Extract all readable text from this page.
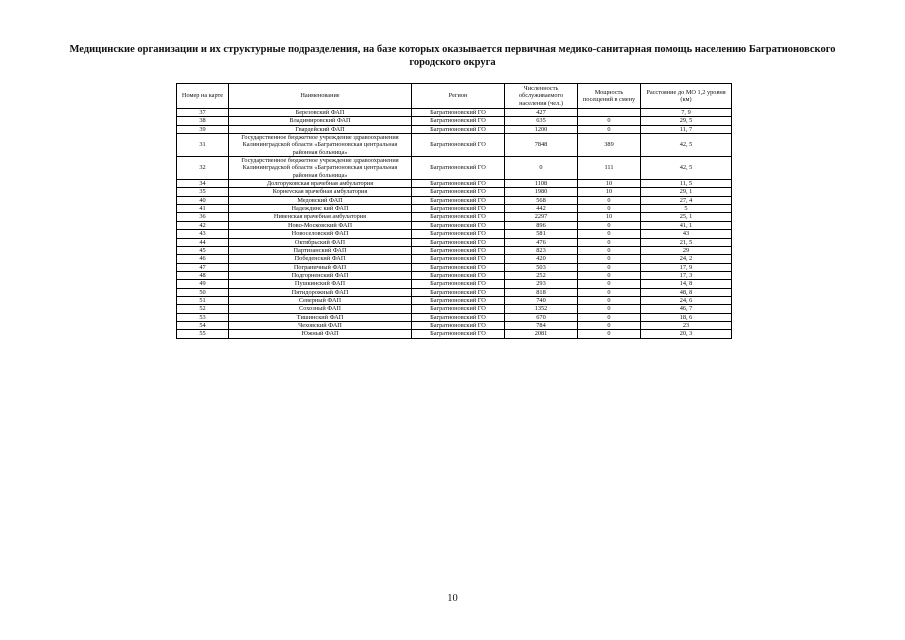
Медицинские организации и их структурные подразделения, на базе которых оказывается первичная медико-санитарная помощь населению Багратионовского городского округа
Номер на карте	Наименование	Регион	Численность обслуживаемого населения (чел.)	Мощность посещений в смену	Расстояние до МО 1,2 уровня (км)
37	Березовский ФАП	Багратионовский ГО	427		7, 9
38	Владимировский ФАП	Багратионовский ГО	635	0	29, 5
39	Гвардейский ФАП	Багратионовский ГО	1200	0	11, 7
31	Государственное бюджетное учреждение здравоохранения Калининградской области «Багратионовская центральная районная больница»	Багратионовский ГО	7848	389	42, 5
32	Государственное бюджетное учреждение здравоохранения Калининградской области «Багратионовская центральная районная больница»	Багратионовский ГО	0	111	42, 5
34	Долгоруковская врачебная амбулатория	Багратионовский ГО	1108	10	11, 5
35	Корнevская врачебная амбулатория	Багратионовский ГО	1980	10	29, 1
40	Медовский ФАП	Багратионовский ГО	568	0	27, 4
41	Надеждинс кий ФАП	Багратионовский ГО	442	0	5
36	Нивенская врачебная амбулатория	Багратионовский ГО	2297	10	25, 1
42	Ново-Московский ФАП	Багратионовский ГО	896	0	41, 1
43	Новоселовский ФАП	Багратионовский ГО	581	0	43
44	Октябрьский ФАП	Багратионовский ГО	476	0	21, 5
45	Партизанский ФАП	Багратионовский ГО	823	0	29
46	Победенский ФАП	Багратионовский ГО	420	0	24, 2
47	Пограничный ФАП	Багратионовский ГО	503	0	17, 9
48	Подгорненский ФАП	Багратионовский ГО	252	0	17, 3
49	Пушкинский ФАП	Багратионовский ГО	293	0	14, 8
50	Пятидорожный ФАП	Багратионовский ГО	818	0	48, 8
51	Северный ФАП	Багратионовский ГО	740	0	24, 6
52	Сохозный ФАП	Багратионовский ГО	1352	0	46, 7
53	Тишинский ФАП	Багратионовский ГО	670	0	18, 6
54	Чеховский ФАП	Багратионовский ГО	784	0	23
55	Южный ФАП	Багратионовский ГО	2081	0	20, 3
10
